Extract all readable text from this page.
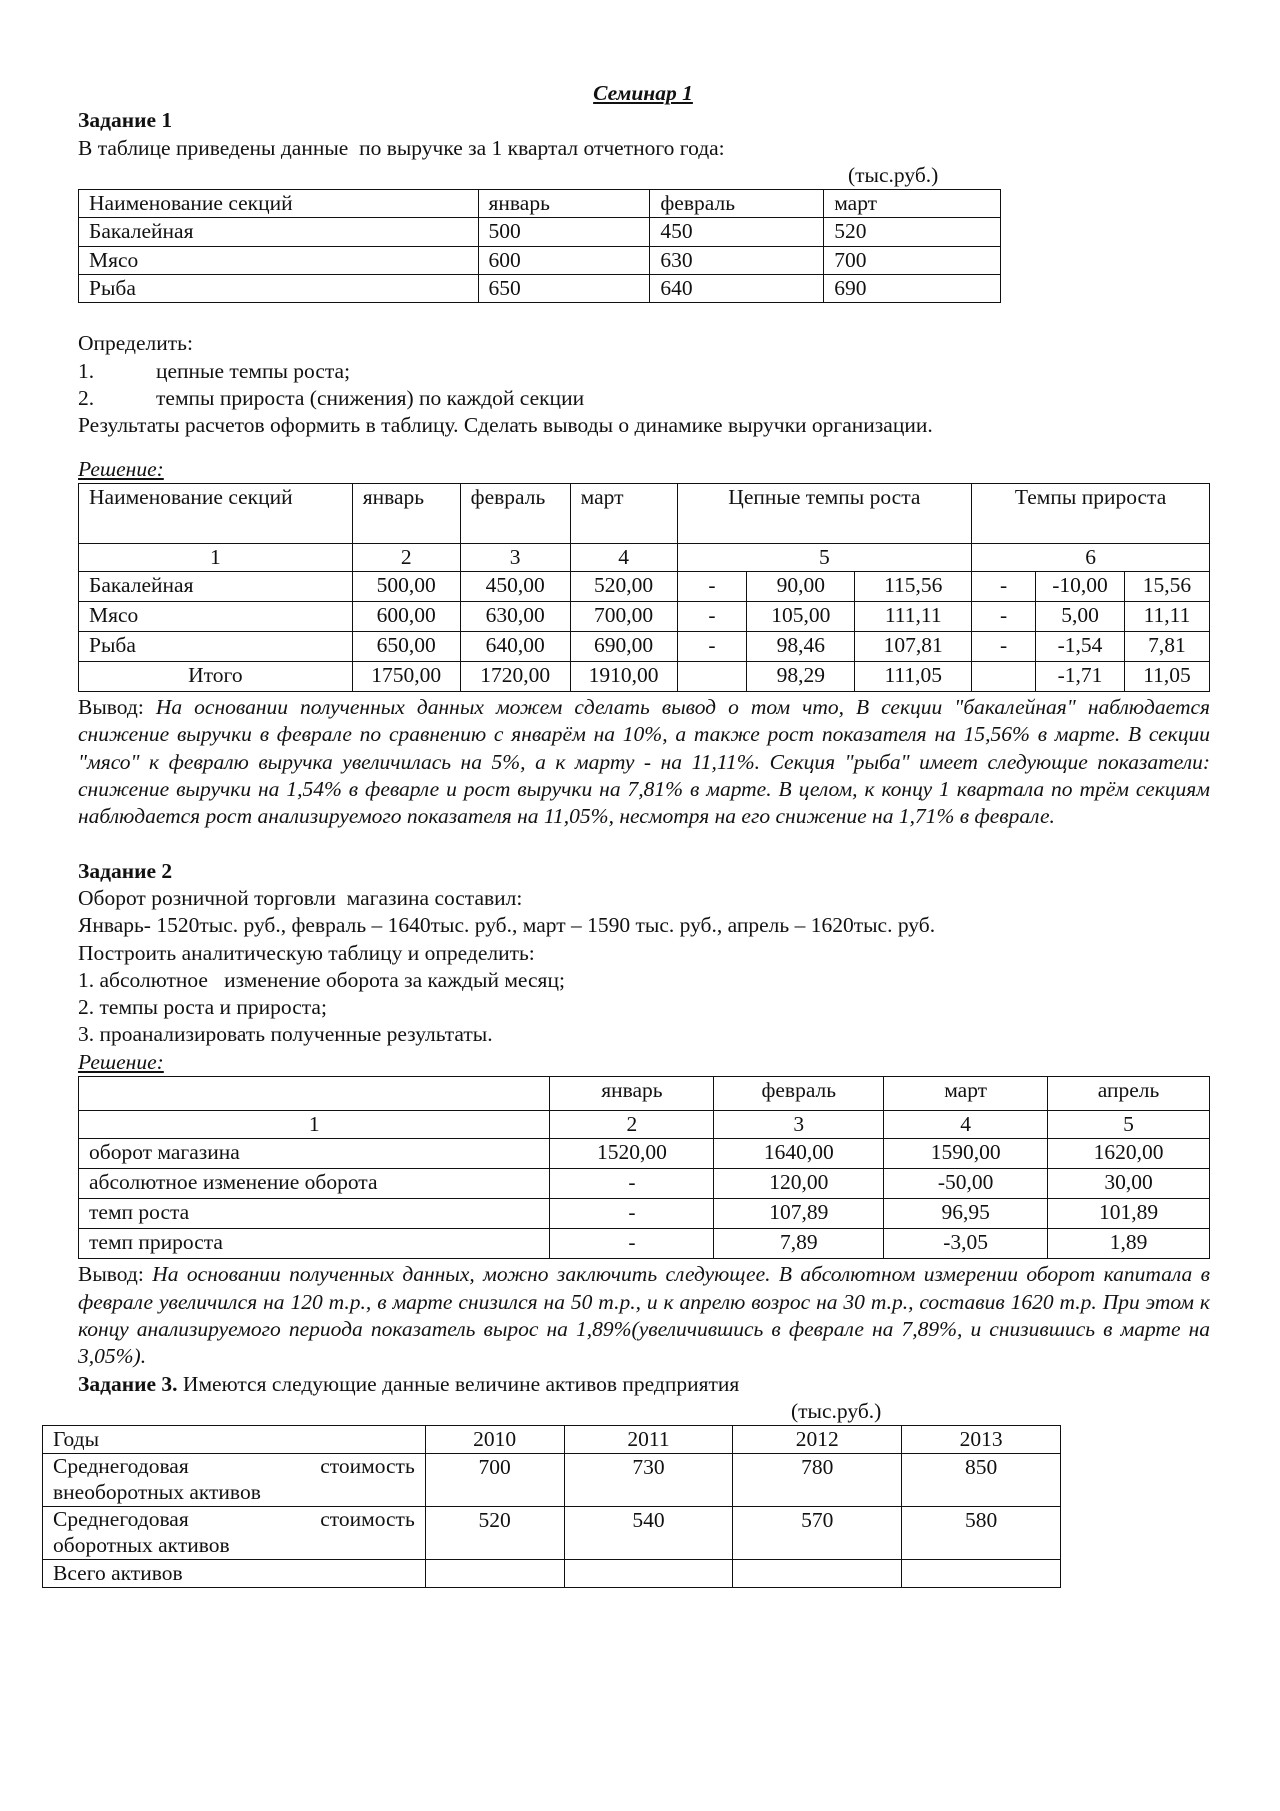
Семинар 1
Задание 1
В таблице приведены данные  по выручке за 1 квартал отчетного года:
(тыс.руб.)
Наименование секций	январь	февраль	март
Бакалейная	500	450	520
Мясо	600	630	700
Рыба	650	640	690
Определить:
1.	цепные темпы роста;
2.	темпы прироста (снижения) по каждой секции
Результаты расчетов оформить в таблицу. Сделать выводы о динамике выручки организации.
Решение:
Наименование секций	январь	февраль	март	Цепные темпы роста			Темпы прироста		
1	2	3	4	5			6		
Бакалейная	500,00	450,00	520,00	-	90,00	115,56	-	-10,00	15,56
Мясо	600,00	630,00	700,00	-	105,00	111,11	-	5,00	11,11
Рыба	650,00	640,00	690,00	-	98,46	107,81	-	-1,54	7,81
Итого	1750,00	1720,00	1910,00		98,29	111,05		-1,71	11,05
Вывод: На основании полученных данных можем сделать вывод о том что, В секции "бакалейная" наблюдается снижение выручки в феврале по сравнению с январём на 10%, а также рост показателя на 15,56% в марте. В секции "мясо" к февралю выручка увеличилась на 5%, а к марту - на 11,11%. Секция "рыба" имеет следующие показатели: снижение выручки на 1,54% в феварле и рост выручки на 7,81% в марте. В целом, к концу 1 квартала по трём секциям наблюдается рост анализируемого показателя на 11,05%, несмотря на его снижение на 1,71% в феврале.
Задание 2
Оборот розничной торговли  магазина составил:
Январь- 1520тыс. руб., февраль – 1640тыс. руб., март – 1590 тыс. руб., апрель – 1620тыс. руб.
Построить аналитическую таблицу и определить:
1. абсолютное   изменение оборота за каждый месяц;
2. темпы роста и прироста;
3. проанализировать полученные результаты.
Решение:
	январь	февраль	март	апрель
1	2	3	4	5
оборот магазина	1520,00	1640,00	1590,00	1620,00
абсолютное изменение оборота	-	120,00	-50,00	30,00
темп роста	-	107,89	96,95	101,89
темп прироста	-	7,89	-3,05	1,89
Вывод: На основании полученных данных, можно заключить следующее. В абсолютном измерении оборот капитала в феврале увеличился на 120 т.р., в марте снизился на 50 т.р., и к апрелю возрос на 30 т.р., составив 1620 т.р. При этом к концу анализируемого периода показатель вырос на 1,89%(увеличившись в феврале на 7,89%, и снизившись в марте на 3,05%).
Задание 3. Имеются следующие данные величине активов предприятия
(тыс.руб.)
Годы	2010	2011	2012	2013

Среднегодовая стоимость
внеоборотных активов	700	730	780	850

Среднегодовая стоимость
оборотных активов	520	540	570	580
Всего активов				
